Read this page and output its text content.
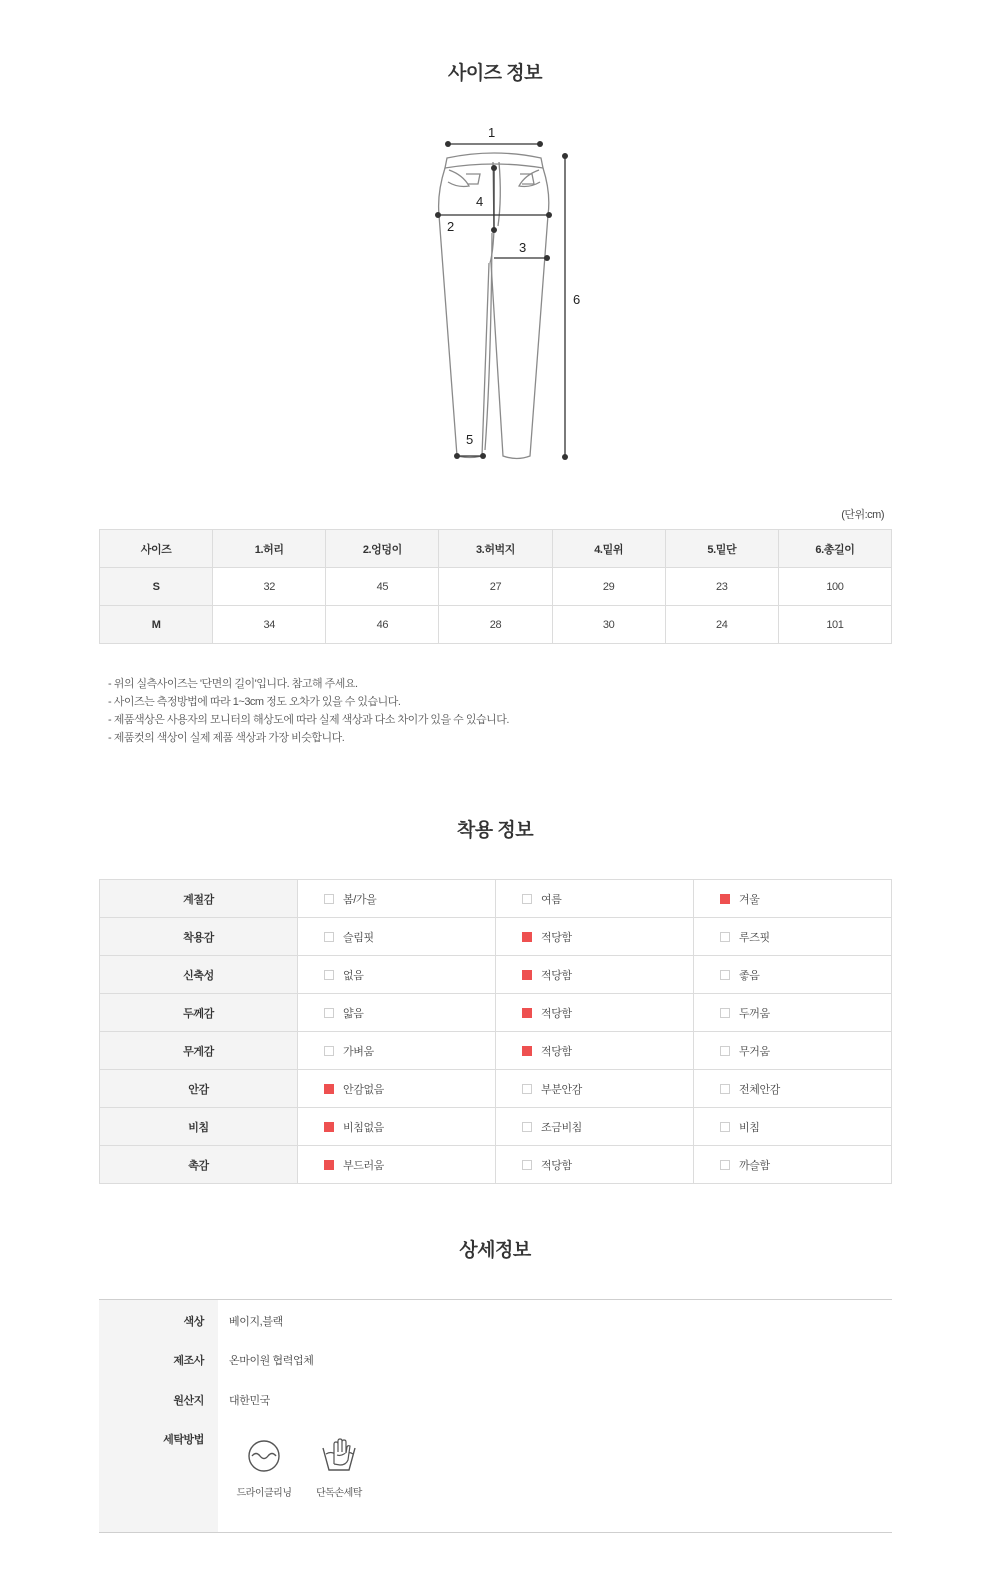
사이즈 정보
1
2
3
4
5
6
(단위:cm)
사이즈	1.허리	2.엉덩이	3.허벅지	4.밑위	5.밑단	6.총길이
S	32	45	27	29	23	100
M	34	46	28	30	24	101
- 위의 실측사이즈는 '단면의 길이'입니다. 참고해 주세요.
- 사이즈는 측정방법에 따라 1~3cm 정도 오차가 있을 수 있습니다.
- 제품색상은 사용자의 모니터의 해상도에 따라 실제 색상과 다소 차이가 있을 수 있습니다.
- 제품컷의 색상이 실제 제품 색상과 가장 비슷합니다.
착용 정보
계절감	봄/가을	여름	겨울
착용감	슬림핏	적당함	루즈핏
신축성	없음	적당함	좋음
두께감	얇음	적당함	두꺼움
무게감	가벼움	적당함	무거움
안감	안감없음	부분안감	전체안감
비침	비침없음	조금비침	비침
촉감	부드러움	적당함	까슬함
상세정보
색상 베이지,블랙
제조사 온마이원 협력업체
원산지 대한민국
세탁방법
드라이클리닝	단독손세탁
